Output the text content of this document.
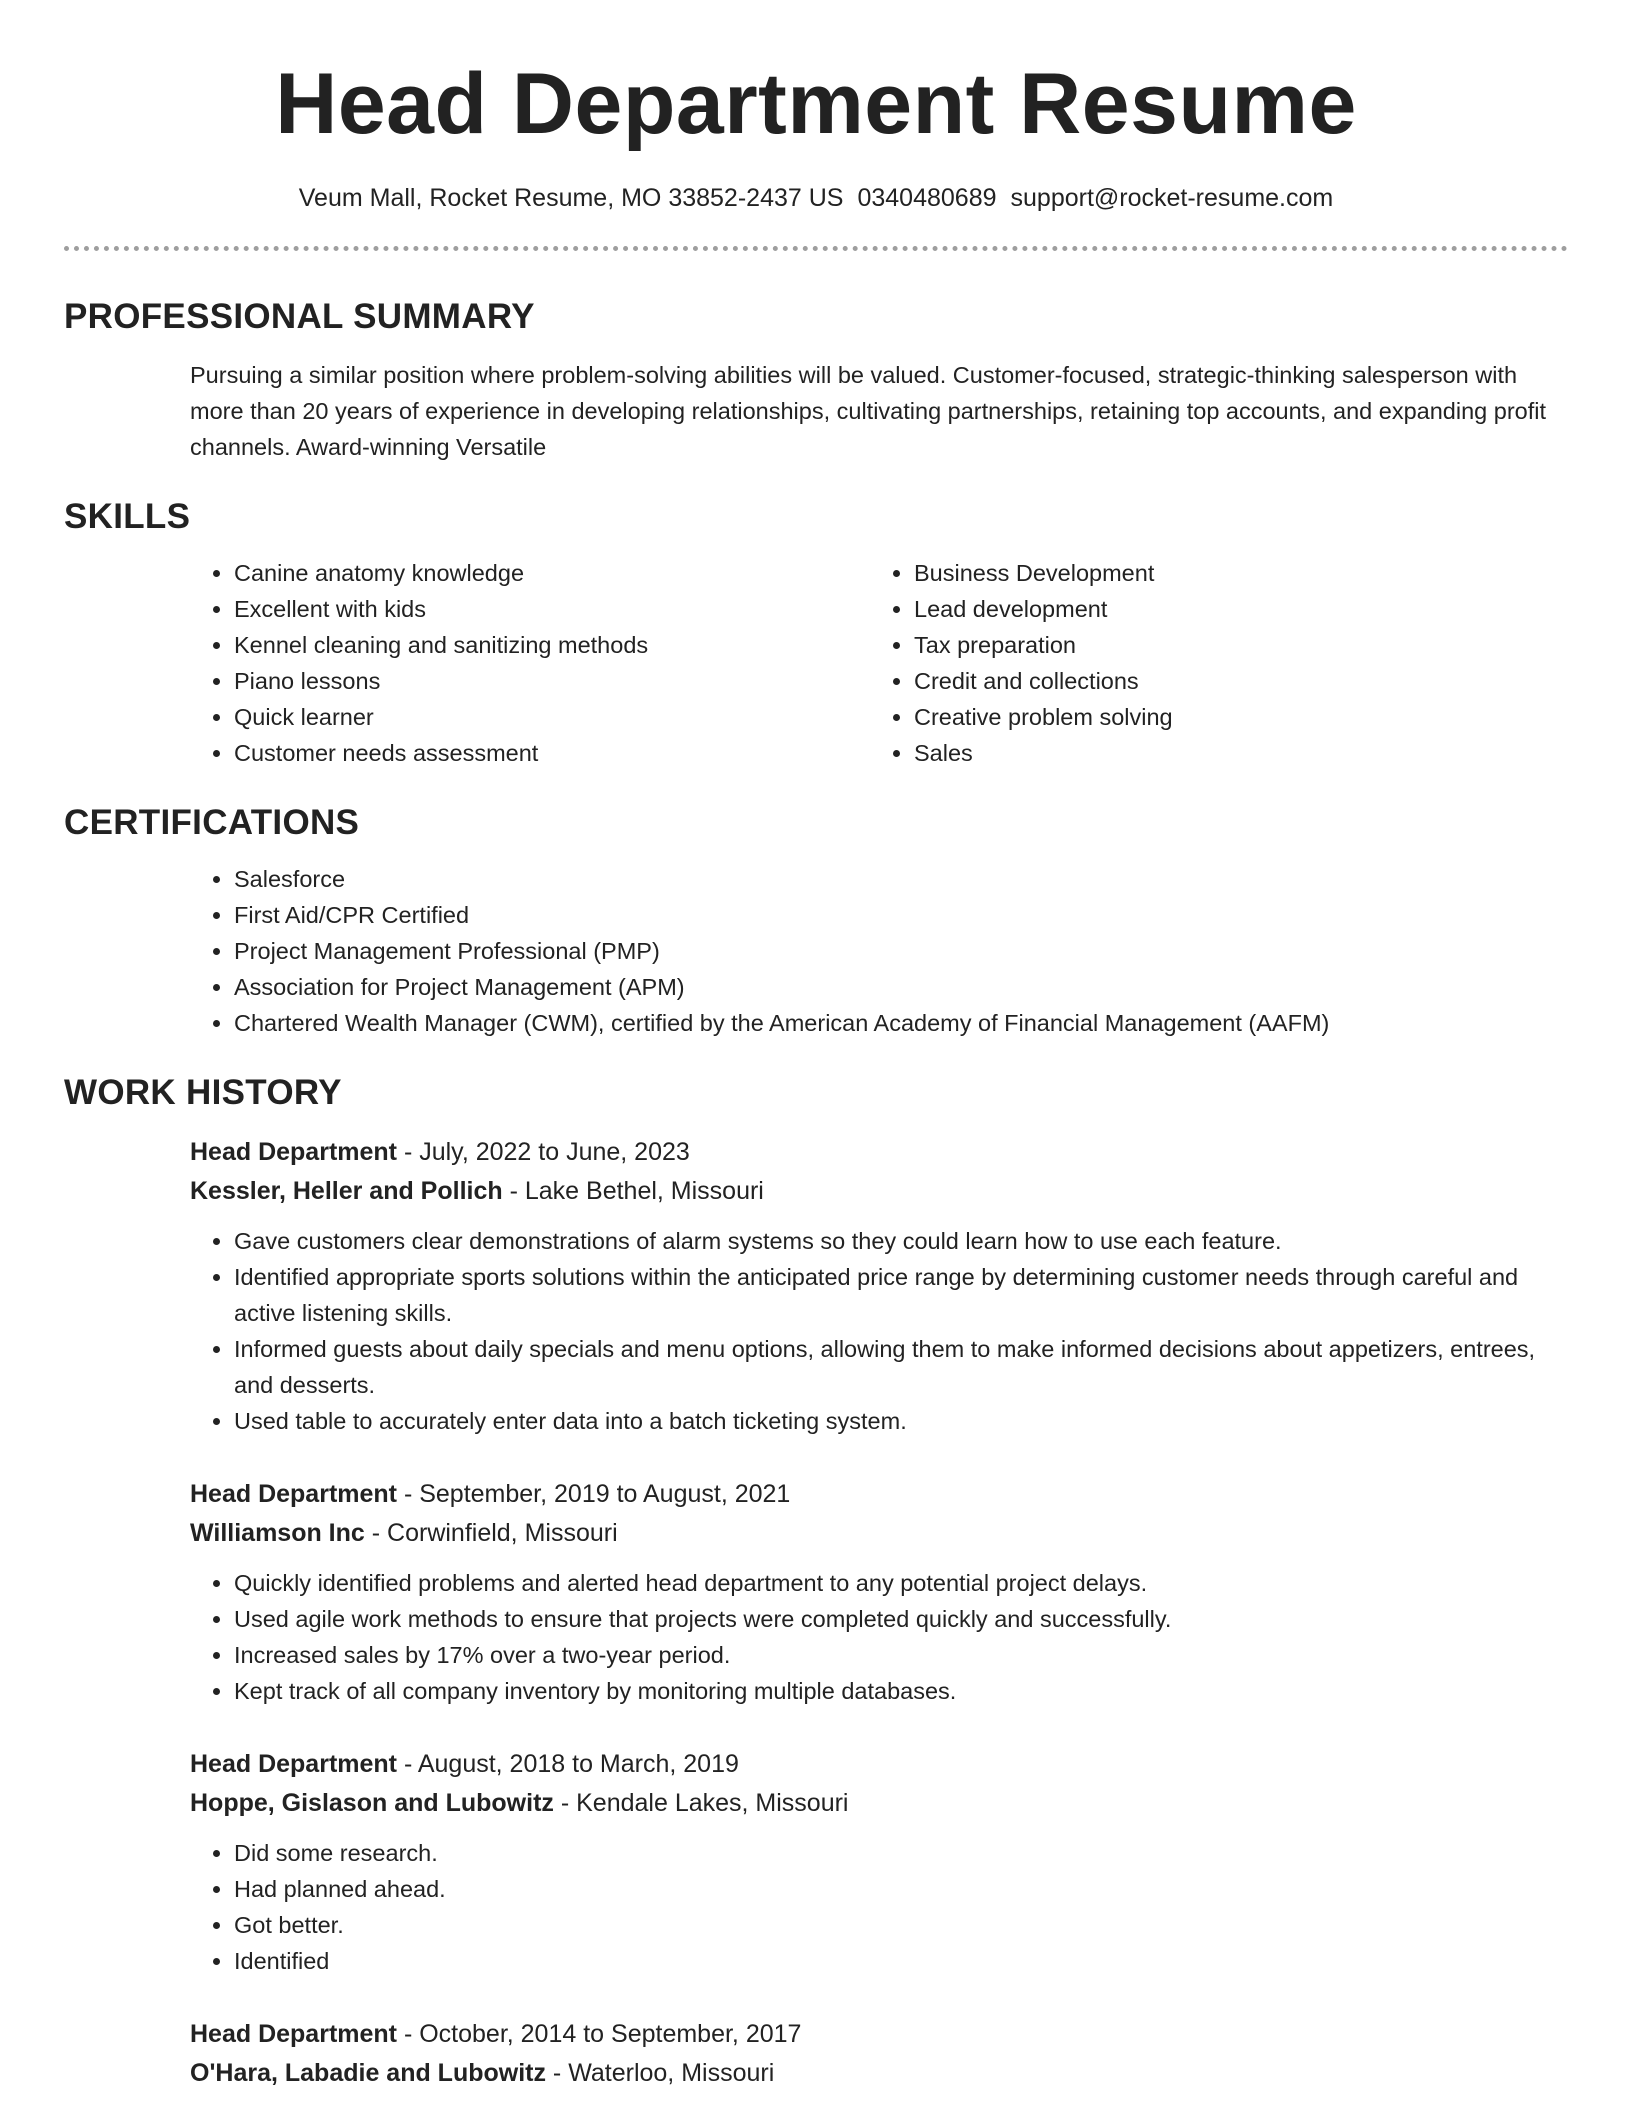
Head Department Resume
Veum Mall, Rocket Resume, MO 33852-2437 US 0340480689 support@rocket-resume.com
PROFESSIONAL SUMMARY
Pursuing a similar position where problem-solving abilities will be valued. Customer-focused, strategic-thinking salesperson with more than 20 years of experience in developing relationships, cultivating partnerships, retaining top accounts, and expanding profit channels. Award-winning Versatile
SKILLS
• Canine anatomy knowledge
• Excellent with kids
• Kennel cleaning and sanitizing methods
• Piano lessons
• Quick learner
• Customer needs assessment
• Business Development
• Lead development
• Tax preparation
• Credit and collections
• Creative problem solving
• Sales
CERTIFICATIONS
• Salesforce
• First Aid/CPR Certified
• Project Management Professional (PMP)
• Association for Project Management (APM)
• Chartered Wealth Manager (CWM), certified by the American Academy of Financial Management (AAFM)
WORK HISTORY
Head Department - July, 2022 to June, 2023
Kessler, Heller and Pollich - Lake Bethel, Missouri
• Gave customers clear demonstrations of alarm systems so they could learn how to use each feature.
• Identified appropriate sports solutions within the anticipated price range by determining customer needs through careful and active listening skills.
• Informed guests about daily specials and menu options, allowing them to make informed decisions about appetizers, entrees, and desserts.
• Used table to accurately enter data into a batch ticketing system.
Head Department - September, 2019 to August, 2021
Williamson Inc - Corwinfield, Missouri
• Quickly identified problems and alerted head department to any potential project delays.
• Used agile work methods to ensure that projects were completed quickly and successfully.
• Increased sales by 17% over a two-year period.
• Kept track of all company inventory by monitoring multiple databases.
Head Department - August, 2018 to March, 2019
Hoppe, Gislason and Lubowitz - Kendale Lakes, Missouri
• Did some research.
• Had planned ahead.
• Got better.
• Identified
Head Department - October, 2014 to September, 2017
O'Hara, Labadie and Lubowitz - Waterloo, Missouri
